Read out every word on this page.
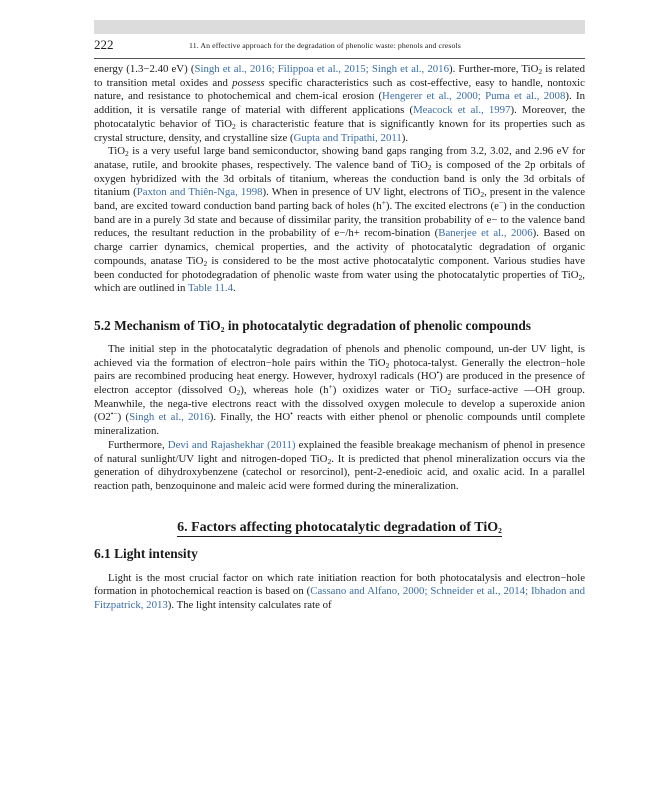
222	11. An effective approach for the degradation of phenolic waste: phenols and cresols

energy (1.3−2.40 eV) (Singh et al., 2016; Filippoa et al., 2015; Singh et al., 2016). Further-more, TiO$_2$ is related to transition metal oxides and possess specific characteristics such as cost-effective, easy to handle, nontoxic nature, and resistance to photochemical and chem-ical erosion (Hengerer et al., 2000; Puma et al., 2008). In addition, it is versatile range of material with different applications (Meacock et al., 1997). Moreover, the photocatalytic behavior of TiO$_2$ is characteristic feature that is significantly known for its properties such as crystal structure, density, and crystalline size (Gupta and Tripathi, 2011).

TiO$_2$ is a very useful large band semiconductor, showing band gaps ranging from 3.2, 3.02, and 2.96 eV for anatase, rutile, and brookite phases, respectively. The valence band of TiO$_2$ is composed of the 2p orbitals of oxygen hybridized with the 3d orbitals of titanium, whereas the conduction band is only the 3d orbitals of titanium (Paxton and Thiên-Nga, 1998). When in presence of UV light, electrons of TiO$_2$, present in the valence band, are excited toward conduction band parting back of holes (h+). The excited electrons (e−) in the conduction band are in a purely 3d state and because of dissimilar parity, the transition probability of e− to the valence band reduces, the resultant reduction in the probability of e−/h+ recom-bination (Banerjee et al., 2006). Based on charge carrier dynamics, chemical properties, and the activity of photocatalytic degradation of organic compounds, anatase TiO$_2$ is considered to be the most active photocatalytic component. Various studies have been conducted for photodegradation of phenolic waste from water using the photocatalytic properties of TiO$_2$, which are outlined in Table 11.4.

5.2 Mechanism of TiO$_2$ in photocatalytic degradation of phenolic compounds

The initial step in the photocatalytic degradation of phenols and phenolic compound, un-der UV light, is achieved via the formation of electron−hole pairs within the TiO$_2$ photoca-talyst. Generally the electron−hole pairs are recombined producing heat energy. However, hydroxyl radicals (HO•) are produced in the presence of electron acceptor (dissolved $O_2$), whereas hole (h+) oxidizes water or TiO$_2$ surface-active —OH group. Meanwhile, the nega-tive electrons react with the dissolved oxygen molecule to develop a superoxide anion (O2•−) (Singh et al., 2016). Finally, the HO• reacts with either phenol or phenolic compounds until complete mineralization.

Furthermore, Devi and Rajashekhar (2011) explained the feasible breakage mechanism of phenol in presence of natural sunlight/UV light and nitrogen-doped TiO$_2$. It is predicted that phenol mineralization occurs via the generation of dihydroxybenzene (catechol or resorcinol), pent-2-enedioic acid, and oxalic acid. In a parallel reaction path, benzoquinone and maleic acid were formed during the mineralization.

6. Factors affecting photocatalytic degradation of TiO$_2$
6.1 Light intensity

Light is the most crucial factor on which rate initiation reaction for both photocatalysis and electron−hole formation in photochemical reaction is based on (Cassano and Alfano, 2000; Schneider et al., 2014; Ibhadon and Fitzpatrick, 2013). The light intensity calculates rate of
